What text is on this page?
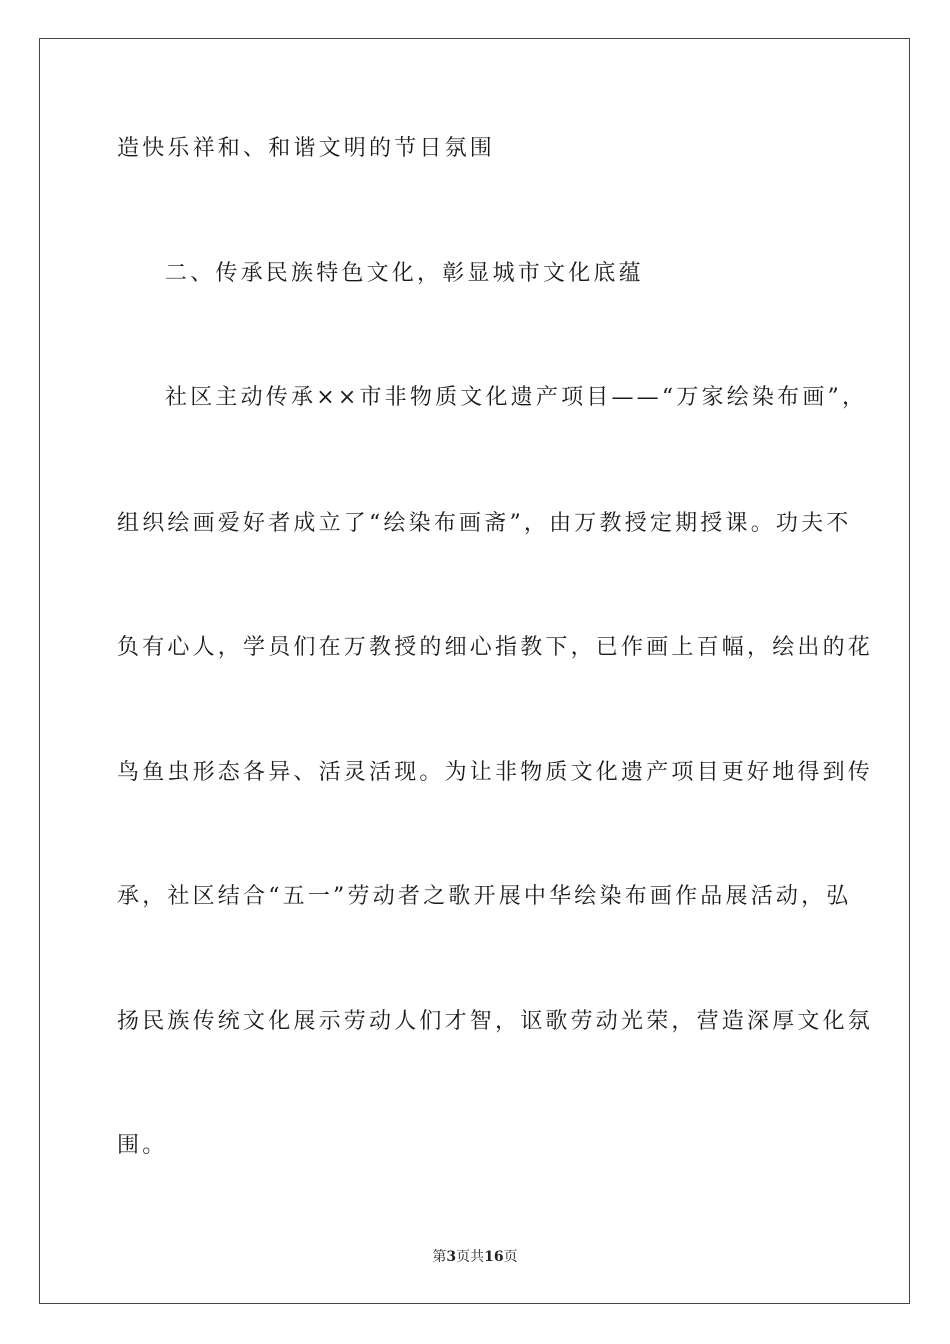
造快乐祥和、和谐文明的节日氛围
二、传承民族特色文化，彰显城市文化底蕴
社区主动传承××市非物质文化遗产项目——“万家绘染布画”，
组织绘画爱好者成立了“绘染布画斋”，由万教授定期授课。功夫不
负有心人，学员们在万教授的细心指教下，已作画上百幅，绘出的花
鸟鱼虫形态各异、活灵活现。为让非物质文化遗产项目更好地得到传
承，社区结合“五一”劳动者之歌开展中华绘染布画作品展活动，弘
扬民族传统文化展示劳动人们才智，讴歌劳动光荣，营造深厚文化氛
围。
第3页共16页
